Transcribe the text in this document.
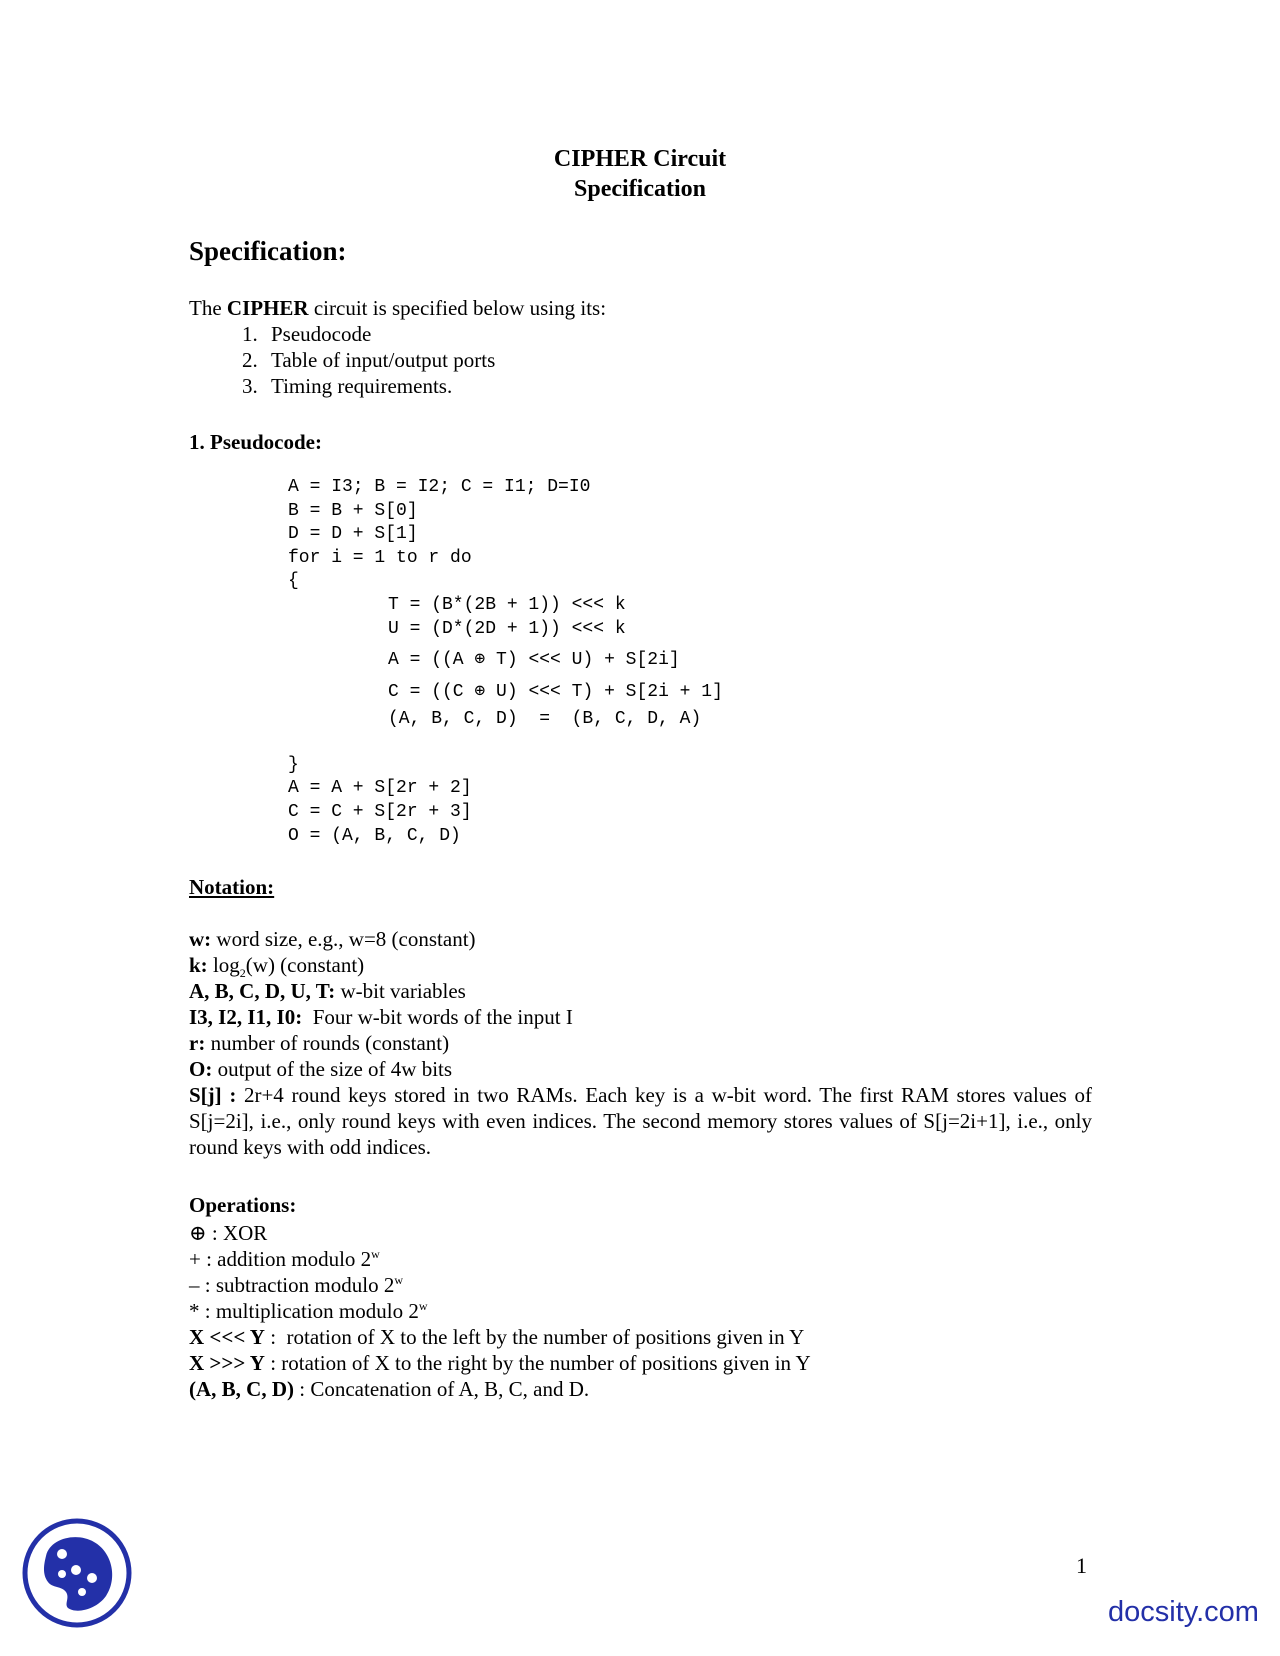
CIPHER Circuit

Specification

Specification:
The CIPHER circuit is specified below using its:
1. Pseudocode
2. Table of input/output ports
3. Timing requirements.

1. Pseudocode:

A = I3; B = I2; C = I1; D=I0
B = B + S[0]
D = D + S[1]
for i = 1 to r do
{
T = (B*(2B + 1)) <<< k
U = (D*(2D + 1)) <<< k
A = ((A ⊕ T) <<< U) + S[2i]
C = ((C ⊕ U) <<< T) + S[2i + 1]
(A, B, C, D)  =  (B, C, D, A)
}
A = A + S[2r + 2]
C = C + S[2r + 3]
O = (A, B, C, D)

Notation:

w: word size, e.g., w=8 (constant)
k: $\log_2(w)$ (constant)
A, B, C, D, U, T: w-bit variables
I3, I2, I1, I0:  Four w-bit words of the input I
r: number of rounds (constant)
O: output of the size of 4w bits
S[j] : 2r+4 round keys stored in two RAMs. Each key is a w-bit word. The first RAM stores values of S[j=2i], i.e., only round keys with even indices. The second memory stores values of S[j=2i+1], i.e., only round keys with odd indices.

Operations:

⊕ : XOR
+ : addition modulo 2$^w$
– : subtraction modulo 2$^w$
* : multiplication modulo 2$^w$
X <<< Y :  rotation of X to the left by the number of positions given in Y
X >>> Y : rotation of X to the right by the number of positions given in Y
(A, B, C, D) : Concatenation of A, B, C, and D.
1
docsity.com
